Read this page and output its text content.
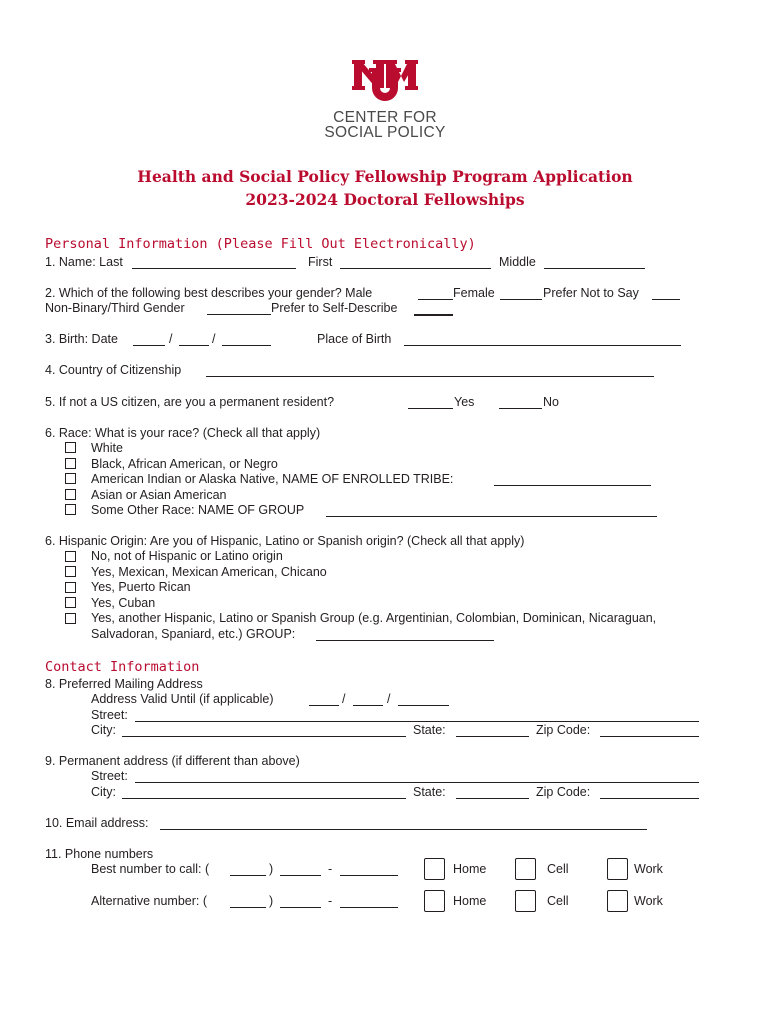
CENTER FOR
SOCIAL POLICY
Health and Social Policy Fellowship Program Application
2023-2024 Doctoral Fellowships
Personal Information (Please Fill Out Electronically)
1. Name: Last	First	Middle
2. Which of the following best describes your gender? Male	Female	Prefer Not to Say
Non-Binary/Third Gender	Prefer to Self-Describe
3. Birth: Date	/	/	Place of Birth
4. Country of Citizenship
5. If not a US citizen, are you a permanent resident?	Yes	No
6. Race: What is your race? (Check all that apply)
White
Black, African American, or Negro
American Indian or Alaska Native, NAME OF ENROLLED TRIBE:
Asian or Asian American
Some Other Race: NAME OF GROUP
6. Hispanic Origin: Are you of Hispanic, Latino or Spanish origin? (Check all that apply)
No, not of Hispanic or Latino origin
Yes, Mexican, Mexican American, Chicano
Yes, Puerto Rican
Yes, Cuban
Yes, another Hispanic, Latino or Spanish Group (e.g. Argentinian, Colombian, Dominican, Nicaraguan,
Salvadoran, Spaniard, etc.) GROUP:
Contact Information
8. Preferred Mailing Address
Address Valid Until (if applicable)	/	/
Street:
City:	State:	Zip Code:
9. Permanent address (if different than above)
Street:
City:	State:	Zip Code:
10. Email address:
11. Phone numbers
Best number to call: (	)	-	Home	Cell	Work
Alternative number: (	)	-	Home	Cell	Work
